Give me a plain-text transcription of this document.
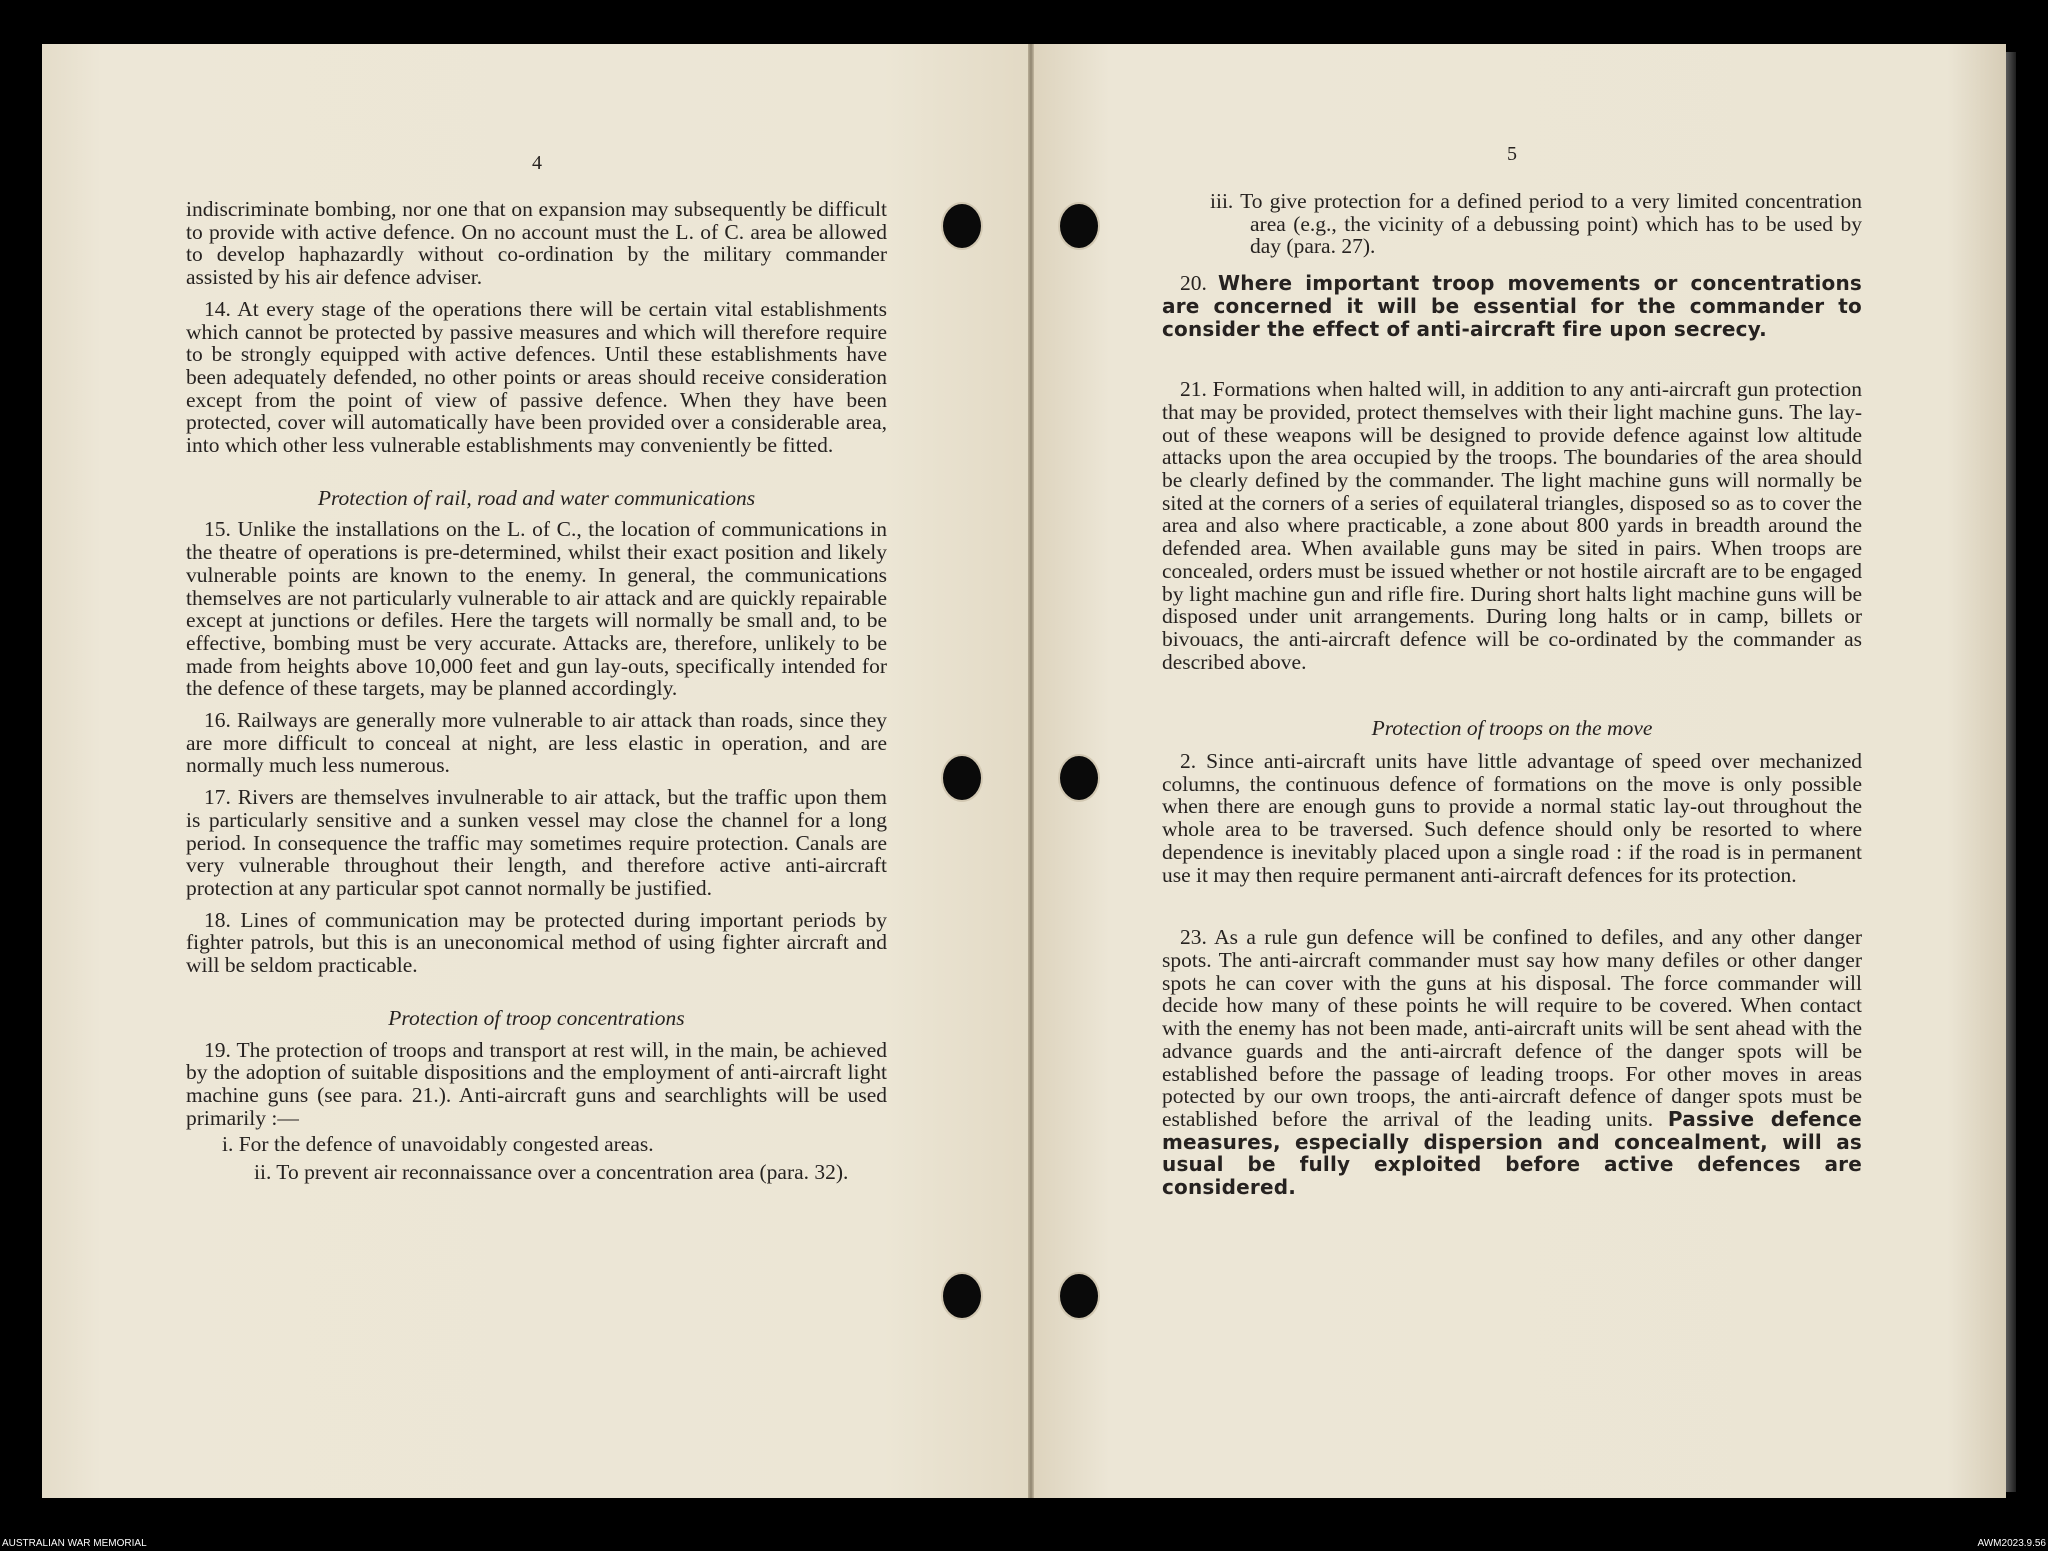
4

indiscriminate bombing, nor one that on expansion may subsequently be difficult to provide with active defence. On no account must the L. of C. area be allowed to develop haphazardly without co-ordination by the military commander assisted by his air defence adviser.

14. At every stage of the operations there will be certain vital establishments which cannot be protected by passive measures and which will therefore require to be strongly equipped with active defences. Until these establishments have been adequately defended, no other points or areas should receive consideration except from the point of view of passive defence. When they have been protected, cover will automatically have been provided over a considerable area, into which other less vulnerable establishments may conveniently be fitted.

Protection of rail, road and water communications

15. Unlike the installations on the L. of C., the location of communications in the theatre of operations is pre-determined, whilst their exact position and likely vulnerable points are known to the enemy. In general, the communications themselves are not particularly vulnerable to air attack and are quickly repairable except at junctions or defiles. Here the targets will normally be small and, to be effective, bombing must be very accurate. Attacks are, therefore, unlikely to be made from heights above 10,000 feet and gun lay-outs, specifically intended for the defence of these targets, may be planned accordingly.

16. Railways are generally more vulnerable to air attack than roads, since they are more difficult to conceal at night, are less elastic in operation, and are normally much less numerous.

17. Rivers are themselves invulnerable to air attack, but the traffic upon them is particularly sensitive and a sunken vessel may close the channel for a long period. In consequence the traffic may sometimes require protection. Canals are very vulnerable throughout their length, and therefore active anti-aircraft protection at any particular spot cannot normally be justified.

18. Lines of communication may be protected during important periods by fighter patrols, but this is an uneconomical method of using fighter aircraft and will be seldom practicable.

Protection of troop concentrations

19. The protection of troops and transport at rest will, in the main, be achieved by the adoption of suitable dispositions and the employment of anti-aircraft light machine guns (see para. 21.). Anti-aircraft guns and searchlights will be used primarily :—

i. For the defence of unavoidably congested areas.

ii. To prevent air reconnaissance over a concentration area (para. 32).

5

iii. To give protection for a defined period to a very limited concentration area (e.g., the vicinity of a debussing point) which has to be used by day (para. 27).

20. Where important troop movements or concentrations are concerned it will be essential for the commander to consider the effect of anti-aircraft fire upon secrecy.

21. Formations when halted will, in addition to any anti-aircraft gun protection that may be provided, protect themselves with their light machine guns. The lay-out of these weapons will be designed to provide defence against low altitude attacks upon the area occupied by the troops. The boundaries of the area should be clearly defined by the commander. The light machine guns will normally be sited at the corners of a series of equilateral triangles, disposed so as to cover the area and also where practicable, a zone about 800 yards in breadth around the defended area. When available guns may be sited in pairs. When troops are concealed, orders must be issued whether or not hostile aircraft are to be engaged by light machine gun and rifle fire. During short halts light machine guns will be disposed under unit arrangements. During long halts or in camp, billets or bivouacs, the anti-aircraft defence will be co-ordinated by the commander as described above.

Protection of troops on the move

2. Since anti-aircraft units have little advantage of speed over mechanized columns, the continuous defence of formations on the move is only possible when there are enough guns to provide a normal static lay-out throughout the whole area to be traversed. Such defence should only be resorted to where dependence is inevitably placed upon a single road : if the road is in permanent use it may then require permanent anti-aircraft defences for its protection.

23. As a rule gun defence will be confined to defiles, and any other danger spots. The anti-aircraft commander must say how many defiles or other danger spots he can cover with the guns at his disposal. The force commander will decide how many of these points he will require to be covered. When contact with the enemy has not been made, anti-aircraft units will be sent ahead with the advance guards and the anti-aircraft defence of the danger spots will be established before the passage of leading troops. For other moves in areas potected by our own troops, the anti-aircraft defence of danger spots must be established before the arrival of the leading units. Passive defence measures, especially dispersion and concealment, will as usual be fully exploited before active defences are considered.

AUSTRALIAN WAR MEMORIAL	AWM2023.9.56
